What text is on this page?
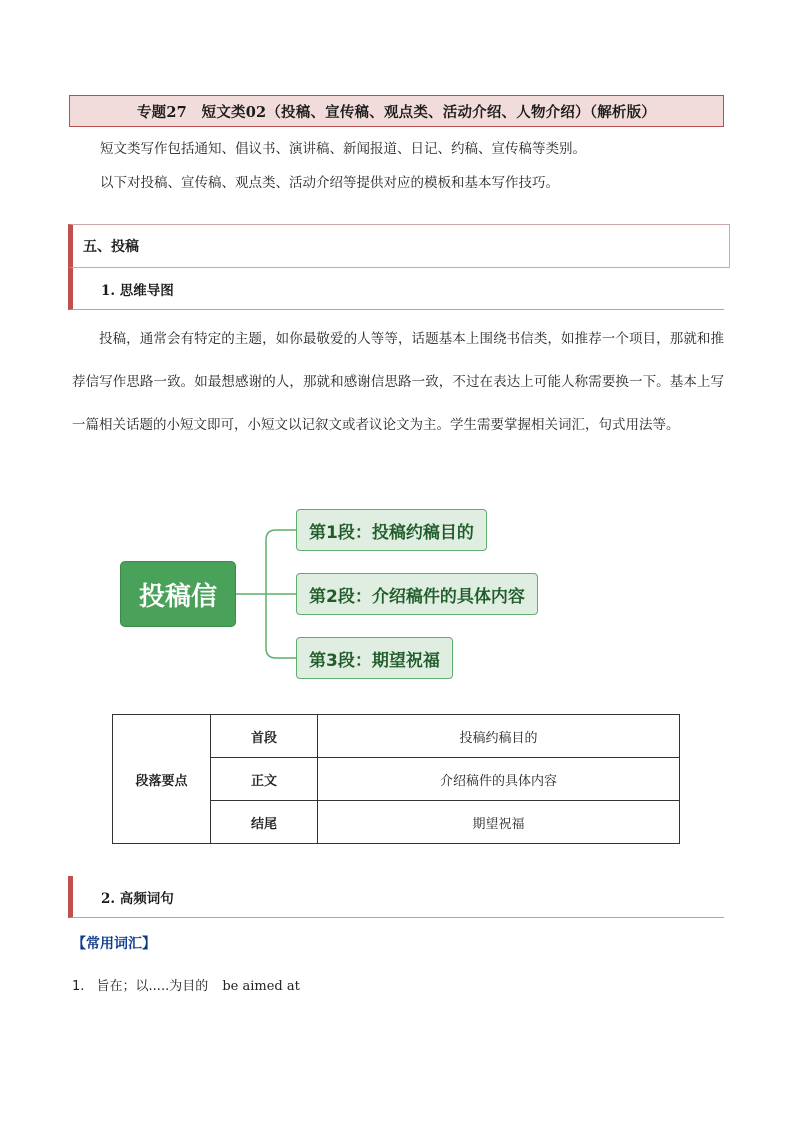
专题27　短文类02（投稿、宣传稿、观点类、活动介绍、人物介绍）（解析版）
短文类写作包括通知、倡议书、演讲稿、新闻报道、日记、约稿、宣传稿等类别。
以下对投稿、宣传稿、观点类、活动介绍等提供对应的模板和基本写作技巧。
五、投稿
1. 思维导图

投稿，通常会有特定的主题，如你最敬爱的人等等，话题基本上围绕书信类，如推荐一个项目，那就和推荐信写作思路一致。如最想感谢的人，那就和感谢信思路一致，不过在表达上可能人称需要换一下。基本上写一篇相关话题的小短文即可，小短文以记叙文或者议论文为主。学生需要掌握相关词汇，句式用法等。

投稿信
第1段：投稿约稿目的
第2段：介绍稿件的具体内容
第3段：期望祝福
段落要点	首段	投稿约稿目的
	正文	介绍稿件的具体内容
	结尾	期望祝福
2. 高频词句
【常用词汇】
1. 旨在；以.....为目的 be aimed at
